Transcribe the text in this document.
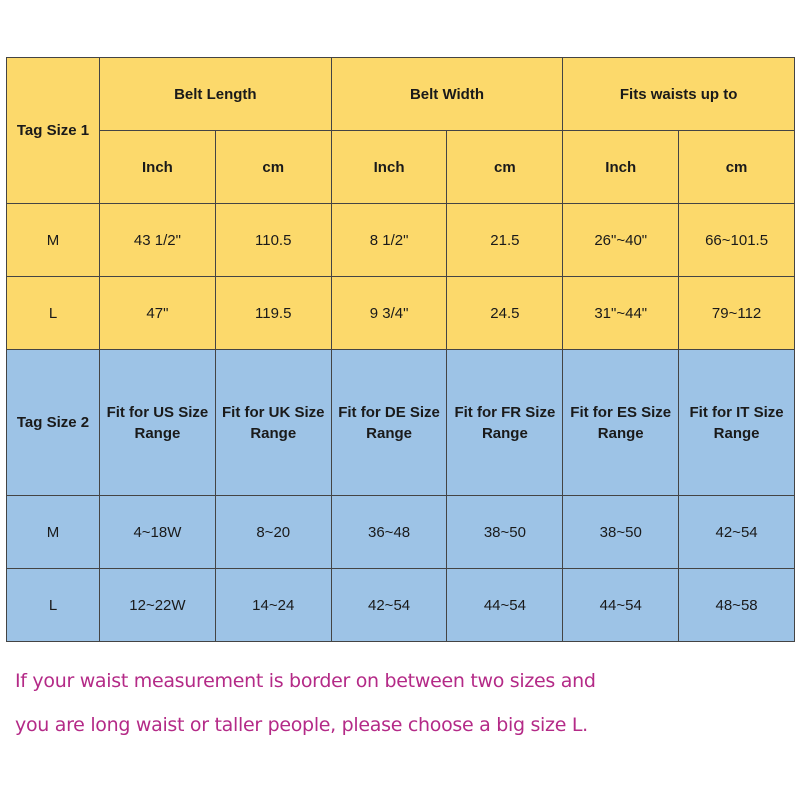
Tag Size 1	Belt Length		Belt Width		Fits waists up to	
	Inch	cm	Inch	cm	Inch	cm
M	43 1/2"	110.5	8 1/2"	21.5	26"~40"	66~101.5
L	47"	119.5	9 3/4"	24.5	31"~44"	79~112
Tag Size 2	Fit for US Size Range	Fit for UK Size Range	Fit for DE Size Range	Fit for FR Size Range	Fit for ES Size Range	Fit for IT Size Range
M	4~18W	8~20	36~48	38~50	38~50	42~54
L	12~22W	14~24	42~54	44~54	44~54	48~58
If your waist measurement is border on between two sizes and
you are long waist or taller people, please choose a big size L.
